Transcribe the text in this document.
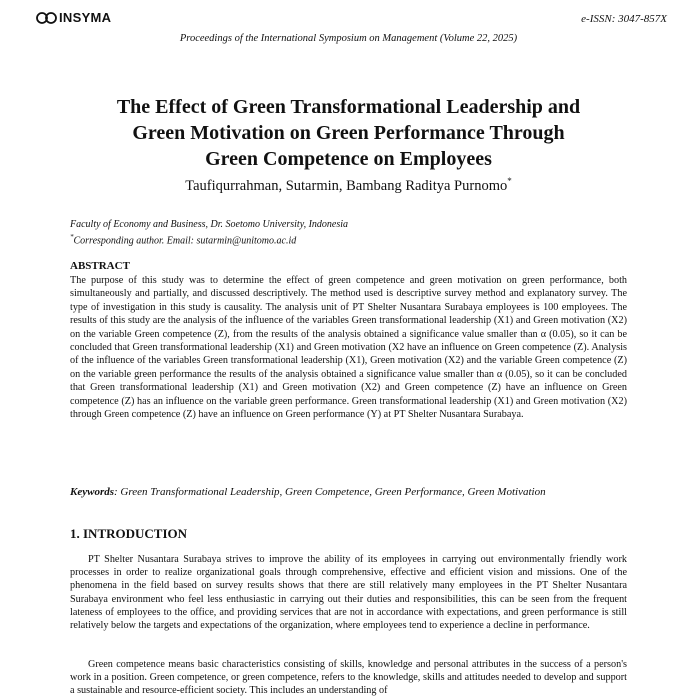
INSYMA	e-ISSN: 3047-857X
Proceedings of the International Symposium on Management (Volume 22, 2025)
The Effect of Green Transformational Leadership and
Green Motivation on Green Performance Through
Green Competence on Employees
Taufiqurrahman, Sutarmin, Bambang Raditya Purnomo*
Faculty of Economy and Business, Dr. Soetomo University, Indonesia
*Corresponding author. Email: sutarmin@unitomo.ac.id
ABSTRACT

The purpose of this study was to determine the effect of green competence and green motivation on green performance, both simultaneously and partially, and discussed descriptively. The method used is descriptive survey method and explanatory survey. The type of investigation in this study is causality. The analysis unit of PT Shelter Nusantara Surabaya employees is 100 employees. The results of this study are the analysis of the influence of the variables Green transformational leadership (X1) and Green motivation (X2) on the variable Green competence (Z), from the results of the analysis obtained a significance value smaller than α (0.05), so it can be concluded that Green transformational leadership (X1) and Green motivation (X2 have an influence on Green competence (Z). Analysis of the influence of the variables Green transformational leadership (X1), Green motivation (X2) and the variable Green competence (Z) on the variable green performance the results of the analysis obtained a significance value smaller than α (0.05), so it can be concluded that Green transformational leadership (X1) and Green motivation (X2) and Green competence (Z) have an influence on Green competence (Z) has an influence on the variable green performance. Green transformational leadership (X1) and Green motivation (X2) through Green competence (Z) have an influence on Green performance (Y) at PT Shelter Nusantara Surabaya.

Keywords: Green Transformational Leadership, Green Competence, Green Performance, Green Motivation
1. INTRODUCTION

PT Shelter Nusantara Surabaya strives to improve the ability of its employees in carrying out environmentally friendly work processes in order to realize organizational goals through comprehensive, effective and efficient vision and missions. One of the phenomena in the field based on survey results shows that there are still relatively many employees in the PT Shelter Nusantara Surabaya environment who feel less enthusiastic in carrying out their duties and responsibilities, this can be seen from the frequent lateness of employees to the office, and providing services that are not in accordance with expectations, and green performance is still relatively below the targets and expectations of the organization, where employees tend to experience a decline in performance.

Green competence means basic characteristics consisting of skills, knowledge and personal attributes in the success of a person's work in a position. Green competence, or green competence, refers to the knowledge, skills and attitudes needed to develop and support a sustainable and resource-efficient society. This includes an understanding of
